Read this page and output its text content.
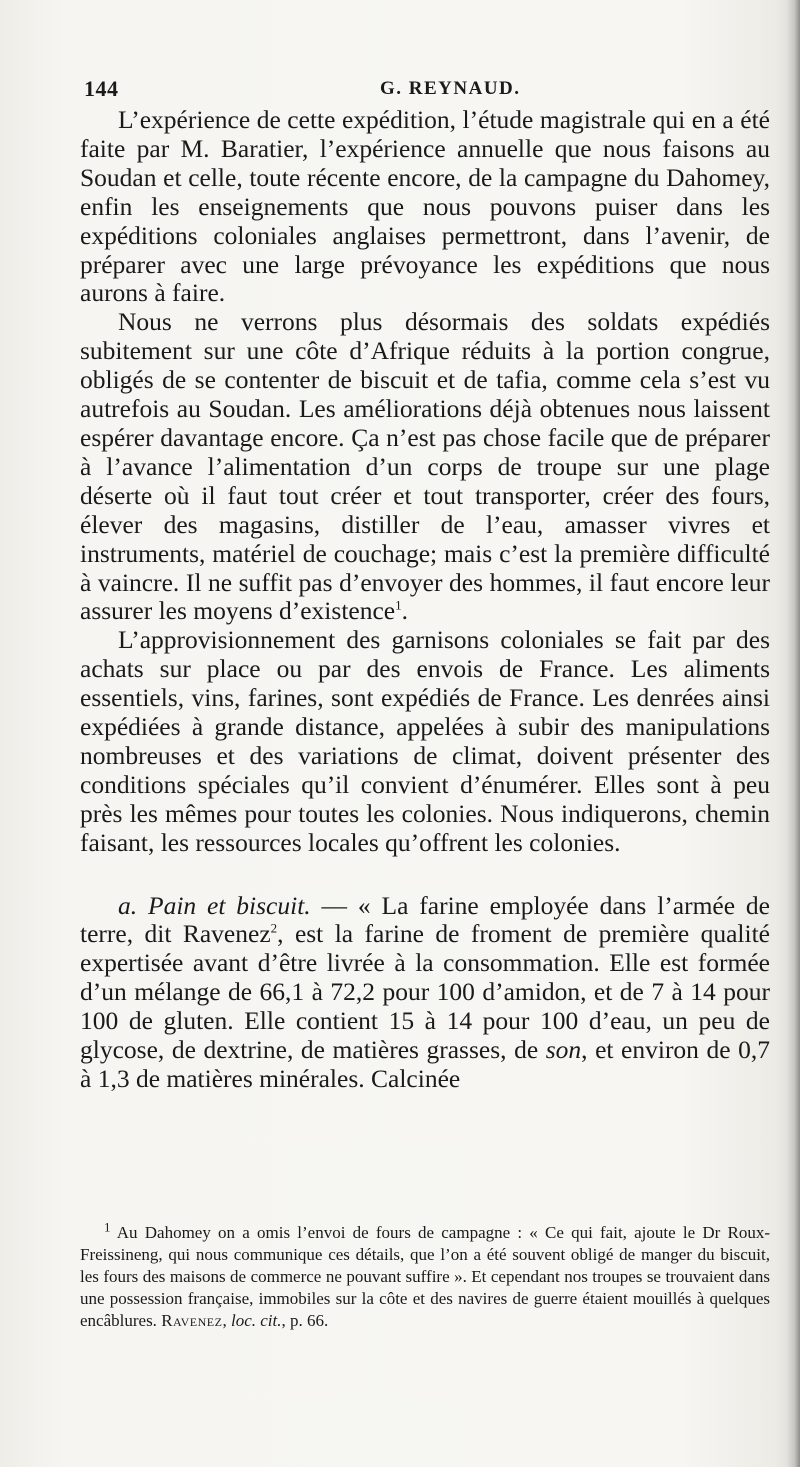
144	G. REYNAUD.

L’expérience de cette expédition, l’étude magistrale qui en a été faite par M. Baratier, l’expérience annuelle que nous faisons au Soudan et celle, toute récente encore, de la campagne du Dahomey, enfin les enseignements que nous pouvons puiser dans les expéditions coloniales anglaises permettront, dans l’avenir, de préparer avec une large prévoyance les expéditions que nous aurons à faire.

Nous ne verrons plus désormais des soldats expédiés subitement sur une côte d’Afrique réduits à la portion congrue, obligés de se contenter de biscuit et de tafia, comme cela s’est vu autrefois au Soudan. Les améliorations déjà obtenues nous laissent espérer davantage encore. Ça n’est pas chose facile que de préparer à l’avance l’alimentation d’un corps de troupe sur une plage déserte où il faut tout créer et tout transporter, créer des fours, élever des magasins, distiller de l’eau, amasser vivres et instruments, matériel de couchage; mais c’est la première difficulté à vaincre. Il ne suffit pas d’envoyer des hommes, il faut encore leur assurer les moyens d’existence$^1$.

L’approvisionnement des garnisons coloniales se fait par des achats sur place ou par des envois de France. Les aliments essentiels, vins, farines, sont expédiés de France. Les denrées ainsi expédiées à grande distance, appelées à subir des manipulations nombreuses et des variations de climat, doivent présenter des conditions spéciales qu’il convient d’énumérer. Elles sont à peu près les mêmes pour toutes les colonies. Nous indiquerons, chemin faisant, les ressources locales qu’offrent les colonies.

a. Pain et biscuit. — « La farine employée dans l’armée de terre, dit Ravenez$^2$, est la farine de froment de première qualité expertisée avant d’être livrée à la consommation. Elle est formée d’un mélange de 66,1 à 72,2 pour 100 d’amidon, et de 7 à 14 pour 100 de gluten. Elle contient 15 à 14 pour 100 d’eau, un peu de glycose, de dextrine, de matières grasses, de son, et environ de 0,7 à 1,3 de matières minérales. Calcinée

$^1$ Au Dahomey on a omis l’envoi de fours de campagne : « Ce qui fait, ajoute le Dr Roux-Freissineng, qui nous communique ces détails, que l’on a été souvent obligé de manger du biscuit, les fours des maisons de commerce ne pouvant suffire ». Et cependant nos troupes se trouvaient dans une possession française, immobiles sur la côte et des navires de guerre étaient mouillés à quelques encâblures. Ravenez, loc. cit., p. 66.
